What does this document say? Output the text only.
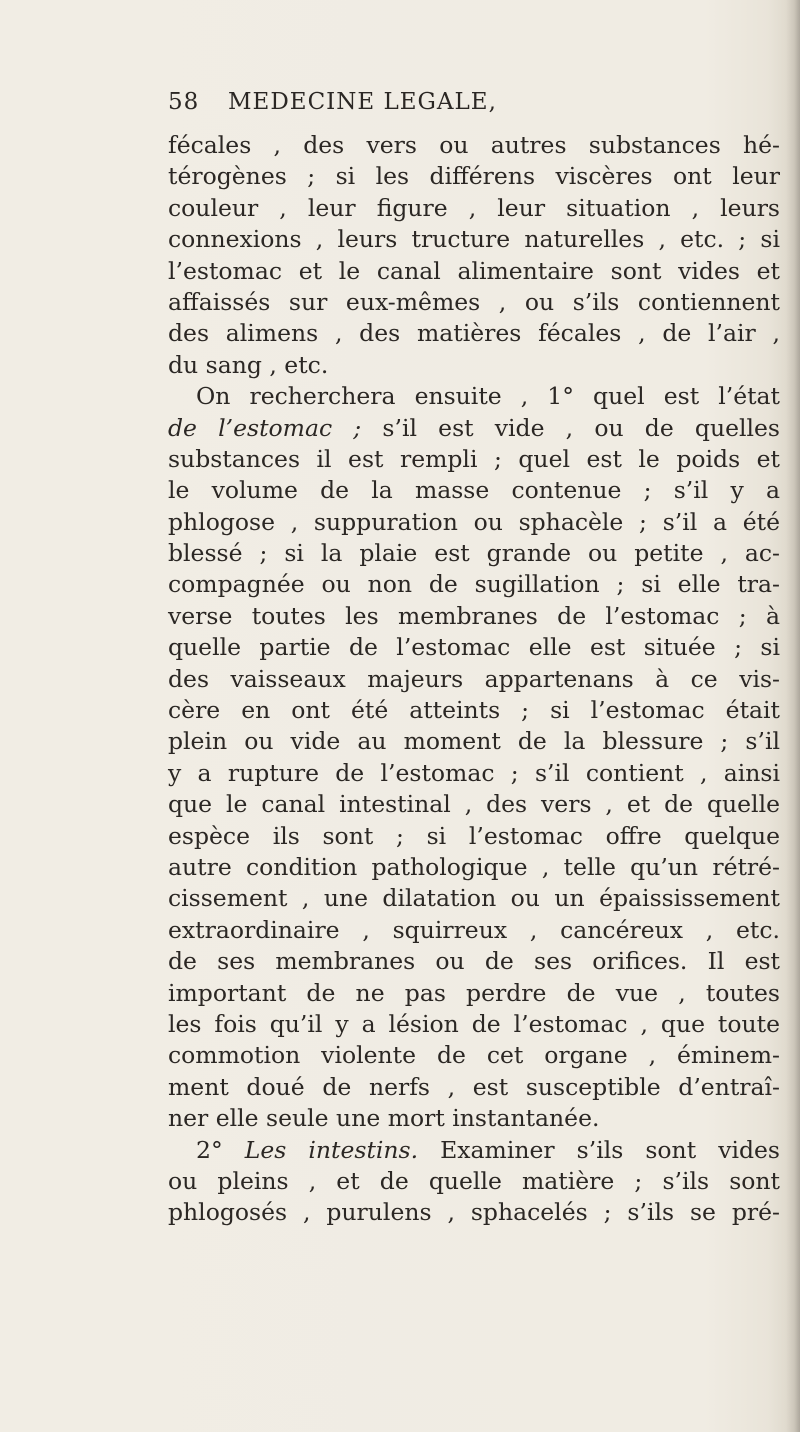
58 MEDECINE LEGALE,
fécales , des vers ou autres substances hé-
térogènes ; si les différens viscères ont leur
couleur , leur figure , leur situation , leurs
connexions , leurs tructure naturelles , etc. ; si
l’estomac et le canal alimentaire sont vides et
affaissés sur eux-mêmes , ou s’ils contiennent
des alimens , des matières fécales , de l’air ,
du sang , etc.
On rechercherа ensuite , 1° quel est l’état
de l’estomac ; s’il est vide , ou de quelles
substances il est rempli ; quel est le poids et
le volume de la masse contenue ; s’il y a
phlogose , suppuration ou sphacèle ; s’il a été
blessé ; si la plaie est grande ou petite , ac-
compagnée ou non de sugillation ; si elle tra-
verse toutes les membranes de l’estomac ; à
quelle partie de l’estomac elle est située ; si
des vaisseaux majeurs appartenans à ce vis-
cère en ont été atteints ; si l’estomac était
plein ou vide au moment de la blessure ; s’il
y a rupture de l’estomac ; s’il contient , ainsi
que le canal intestinal , des vers , et de quelle
espèce ils sont ; si l’estomac offre quelque
autre condition pathologique , telle qu’un rétré-
cissement , une dilatation ou un épaississement
extraordinaire , squirreux , cancéreux , etc.
de ses membranes ou de ses orifices. Il est
important de ne pas perdre de vue , toutes
les fois qu’il y a lésion de l’estomac , que toute
commotion violente de cet organe , éminem-
ment doué de nerfs , est susceptible d’entraî-
ner elle seule une mort instantanée.
2° Les intestins. Examiner s’ils sont vides
ou pleins , et de quelle matière ; s’ils sont
phlogosés , purulens , sphacelés ; s’ils se pré-
